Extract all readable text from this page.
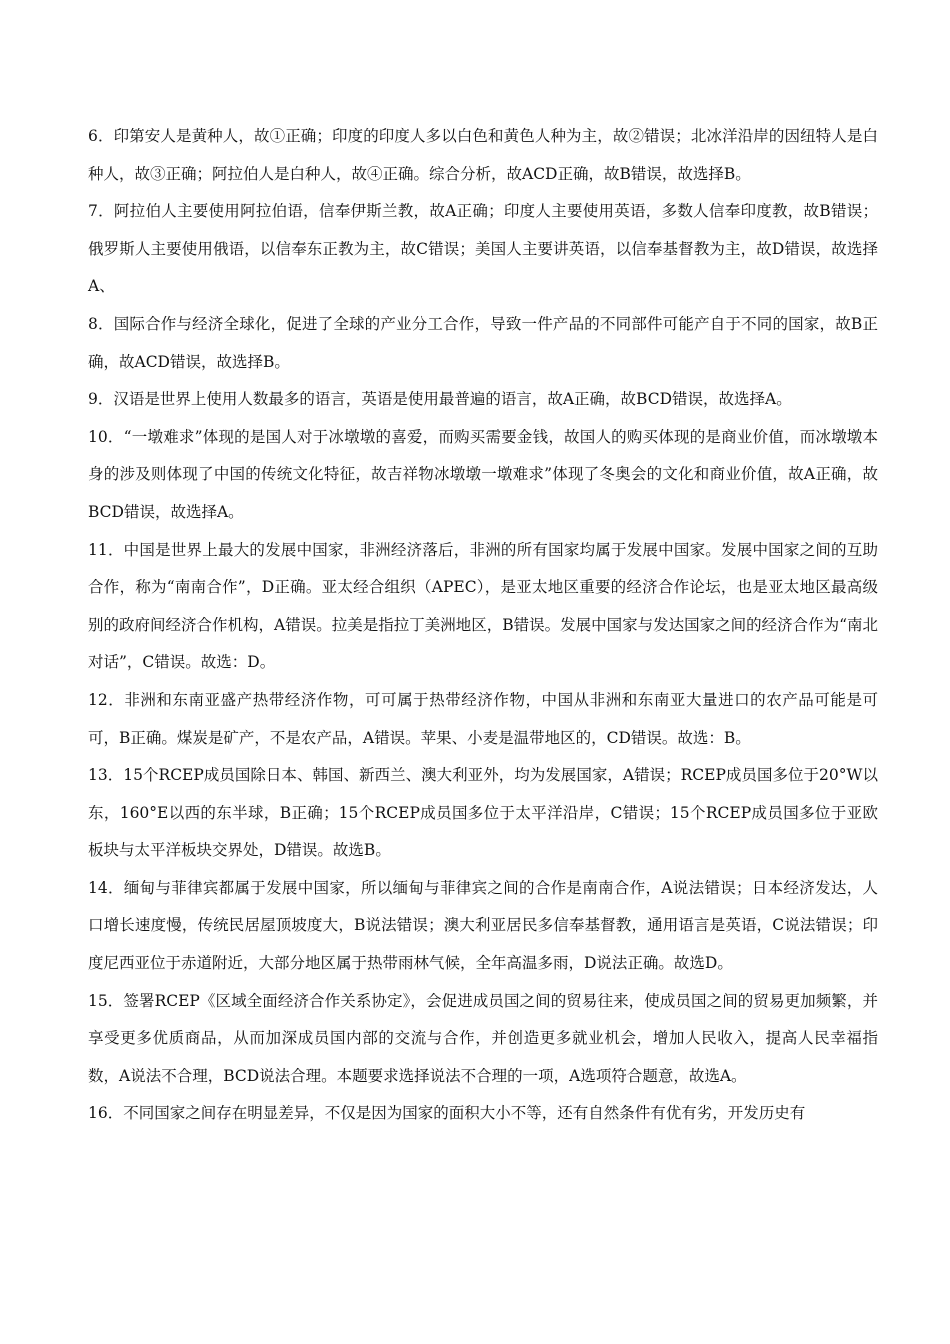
6．印第安人是黄种人，故①正确；印度的印度人多以白色和黄色人种为主，故②错误；北冰洋沿岸的因纽特人是白种人，故③正确；阿拉伯人是白种人，故④正确。综合分析，故ACD正确，故B错误，故选择B。

7．阿拉伯人主要使用阿拉伯语，信奉伊斯兰教，故A正确；印度人主要使用英语，多数人信奉印度教，故B错误；俄罗斯人主要使用俄语，以信奉东正教为主，故C错误；美国人主要讲英语，以信奉基督教为主，故D错误，故选择A、

8．国际合作与经济全球化，促进了全球的产业分工合作，导致一件产品的不同部件可能产自于不同的国家，故B正确，故ACD错误，故选择B。

9．汉语是世界上使用人数最多的语言，英语是使用最普遍的语言，故A正确，故BCD错误，故选择A。

10．“一墩难求”体现的是国人对于冰墩墩的喜爱，而购买需要金钱，故国人的购买体现的是商业价值，而冰墩墩本身的涉及则体现了中国的传统文化特征，故吉祥物冰墩墩一墩难求”体现了冬奥会的文化和商业价值，故A正确，故BCD错误，故选择A。

11．中国是世界上最大的发展中国家，非洲经济落后，非洲的所有国家均属于发展中国家。发展中国家之间的互助合作，称为“南南合作”，D正确。亚太经合组织（APEC），是亚太地区重要的经济合作论坛，也是亚太地区最高级别的政府间经济合作机构，A错误。拉美是指拉丁美洲地区，B错误。发展中国家与发达国家之间的经济合作为“南北对话”，C错误。故选：D。

12．非洲和东南亚盛产热带经济作物，可可属于热带经济作物，中国从非洲和东南亚大量进口的农产品可能是可可，B正确。煤炭是矿产，不是农产品，A错误。苹果、小麦是温带地区的，CD错误。故选：B。

13．15个RCEP成员国除日本、韩国、新西兰、澳大利亚外，均为发展国家，A错误；RCEP成员国多位于20°W以东，160°E以西的东半球，B正确；15个RCEP成员国多位于太平洋沿岸，C错误；15个RCEP成员国多位于亚欧板块与太平洋板块交界处，D错误。故选B。

14．缅甸与菲律宾都属于发展中国家，所以缅甸与菲律宾之间的合作是南南合作，A说法错误；日本经济发达，人口增长速度慢，传统民居屋顶坡度大，B说法错误；澳大利亚居民多信奉基督教，通用语言是英语，C说法错误；印度尼西亚位于赤道附近，大部分地区属于热带雨林气候，全年高温多雨，D说法正确。故选D。

15．签署RCEP《区域全面经济合作关系协定》，会促进成员国之间的贸易往来，使成员国之间的贸易更加频繁，并享受更多优质商品，从而加深成员国内部的交流与合作，并创造更多就业机会，增加人民收入，提高人民幸福指数，A说法不合理，BCD说法合理。本题要求选择说法不合理的一项，A选项符合题意，故选A。

16．不同国家之间存在明显差异，不仅是因为国家的面积大小不等，还有自然条件有优有劣，开发历史有
